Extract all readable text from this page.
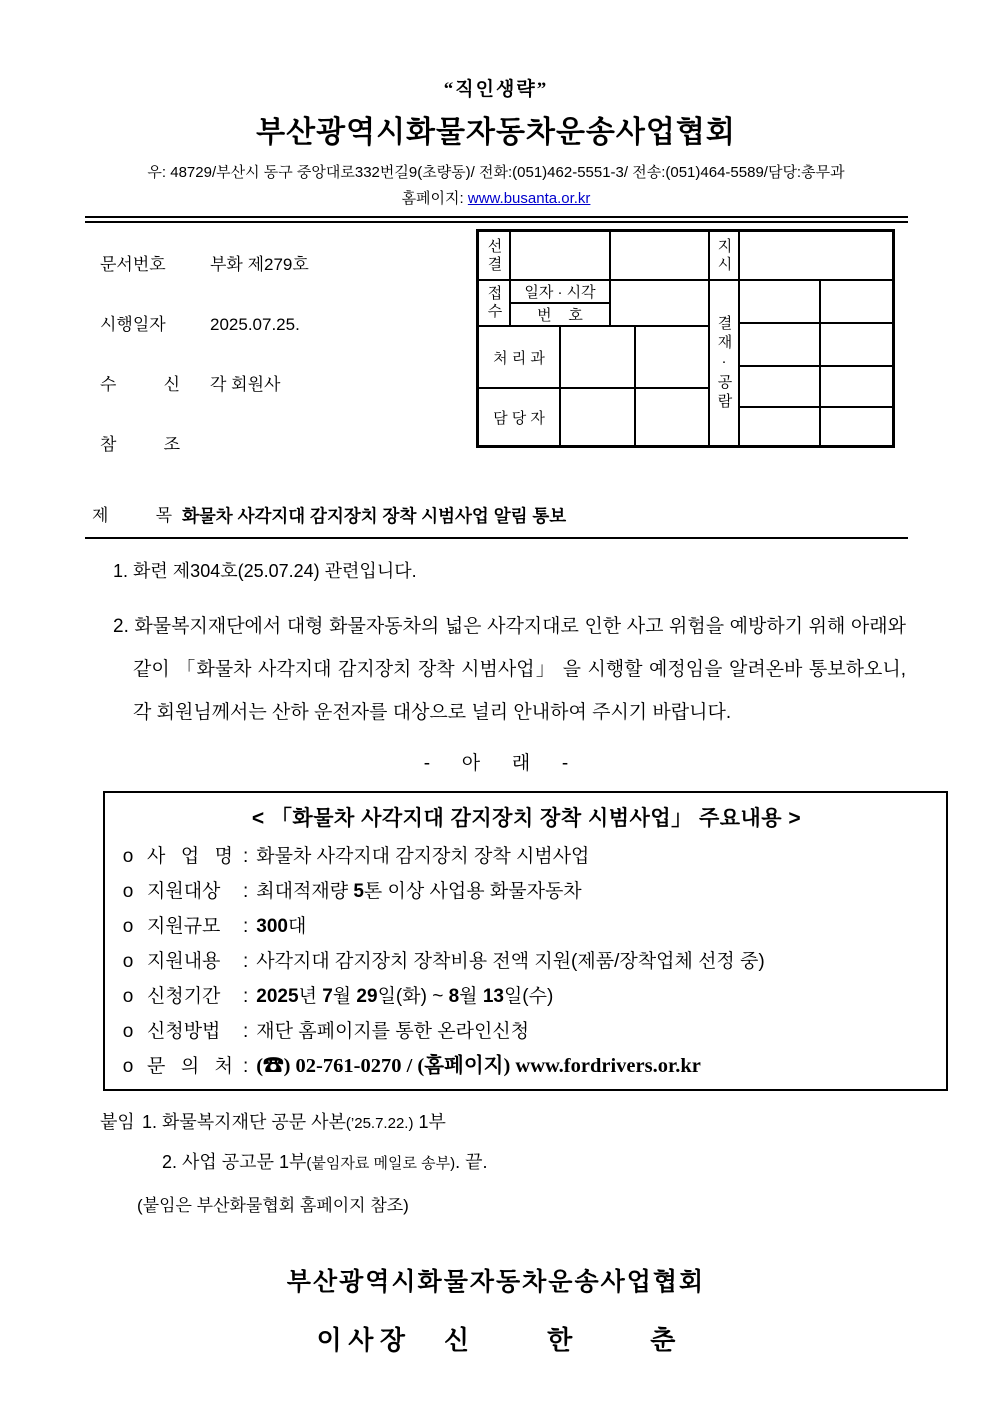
“직인생략”
부산광역시화물자동차운송사업협회
우: 48729/부산시 동구 중앙대로332번길9(초량동)/ 전화:(051)462-5551-3/ 전송:(051)464-5589/담당:총무과
홈페이지: www.busanta.or.kr
문서번호	부화 제279호
시행일자	2025.07.25.
수 신 각 회원사
참 조
선결
접수 일자 · 시각
번    호
처 리 과
담 당 자
지시
결재·공람
제 목 화물차 사각지대 감지장치 장착 시범사업 알림 통보
1. 화련 제304호(25.07.24) 관련입니다.
2. 화물복지재단에서 대형 화물자동차의 넓은 사각지대로 인한 사고 위험을 예방하기 위해 아래와 같이 「화물차 사각지대 감지장치 장착 시범사업」 을 시행할 예정임을 알려온바 통보하오니, 각 회원님께서는 산하 운전자를 대상으로 널리 안내하여 주시기 바랍니다.
-      아      래      -
< 「화물차 사각지대 감지장치 장착 시범사업」 주요내용 >
o 사 업 명 : 화물차 사각지대 감지장치 장착 시범사업
o 지원대상 : 최대적재량 5톤 이상 사업용 화물자동차
o 지원규모 : 300대
o 지원내용 : 사각지대 감지장치 장착비용 전액 지원(제품/장착업체 선정 중)
o 신청기간 : 2025년 7월 29일(화) ~ 8월 13일(수)
o 신청방법 : 재단 홈페이지를 통한 온라인신청
o 문 의 처 : (☎) 02-761-0270 / (홈페이지) www.fordrivers.or.kr
붙임 1. 화물복지재단 공문 사본(’25.7.22.) 1부
2. 사업 공고문 1부(붙임자료 메일로 송부). 끝.
(붙임은 부산화물협회 홈페이지 참조)
부산광역시화물자동차운송사업협회
이 사 장      신            한            춘
